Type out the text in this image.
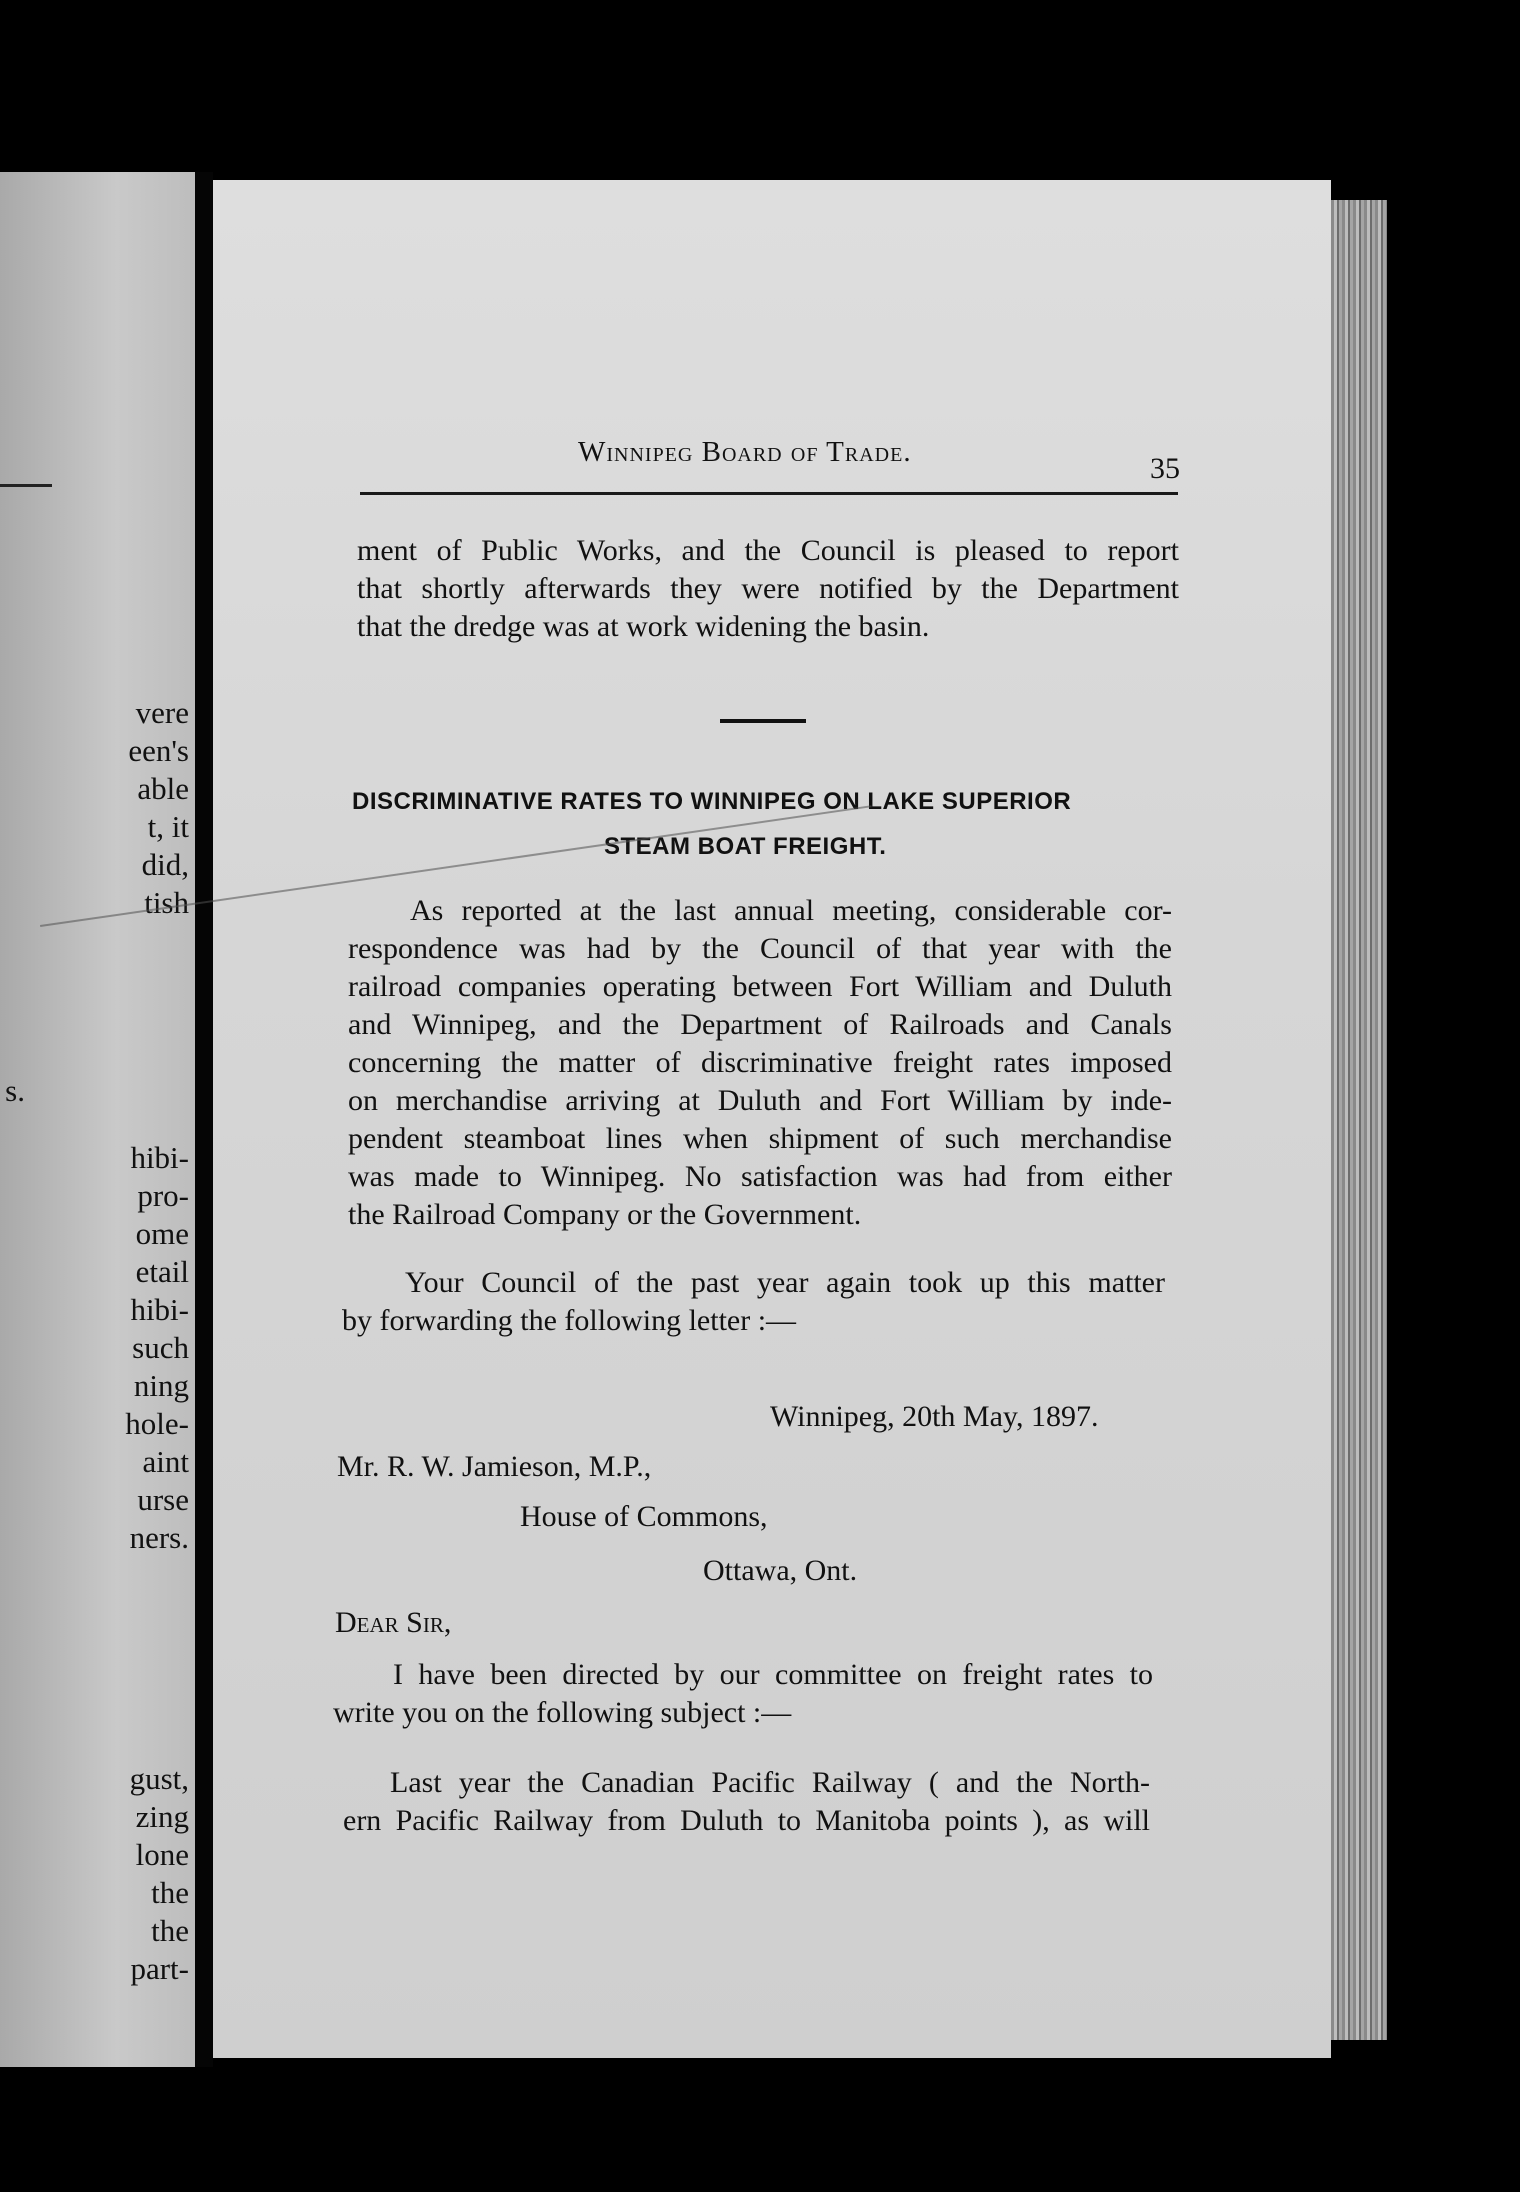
vere
een's
able
t, it
did,
tish
s.
hibi-
pro-
ome
etail
hibi-
such
ning
hole-
aint
urse
ners.
gust,
zing
lone
the
the
part-
Winnipeg Board of Trade.	35
ment of Public Works, and the Council is pleased to report
that shortly afterwards they were notified by the Department
that the dredge was at work widening the basin.
DISCRIMINATIVE RATES TO WINNIPEG ON LAKE SUPERIOR
STEAM BOAT FREIGHT.
As reported at the last annual meeting, considerable cor-
respondence was had by the Council of that year with the
railroad companies operating between Fort William and Duluth
and Winnipeg, and the Department of Railroads and Canals
concerning the matter of discriminative freight rates imposed
on merchandise arriving at Duluth and Fort William by inde-
pendent steamboat lines when shipment of such merchandise
was made to Winnipeg. No satisfaction was had from either
the Railroad Company or the Government.
Your Council of the past year again took up this matter
by forwarding the following letter :—
Winnipeg, 20th May, 1897.
Mr. R. W. Jamieson, M.P.,
House of Commons,
Ottawa, Ont.
Dear Sir,
I have been directed by our committee on freight rates to
write you on the following subject :—
Last year the Canadian Pacific Railway ( and the North-
ern Pacific Railway from Duluth to Manitoba points ), as will
